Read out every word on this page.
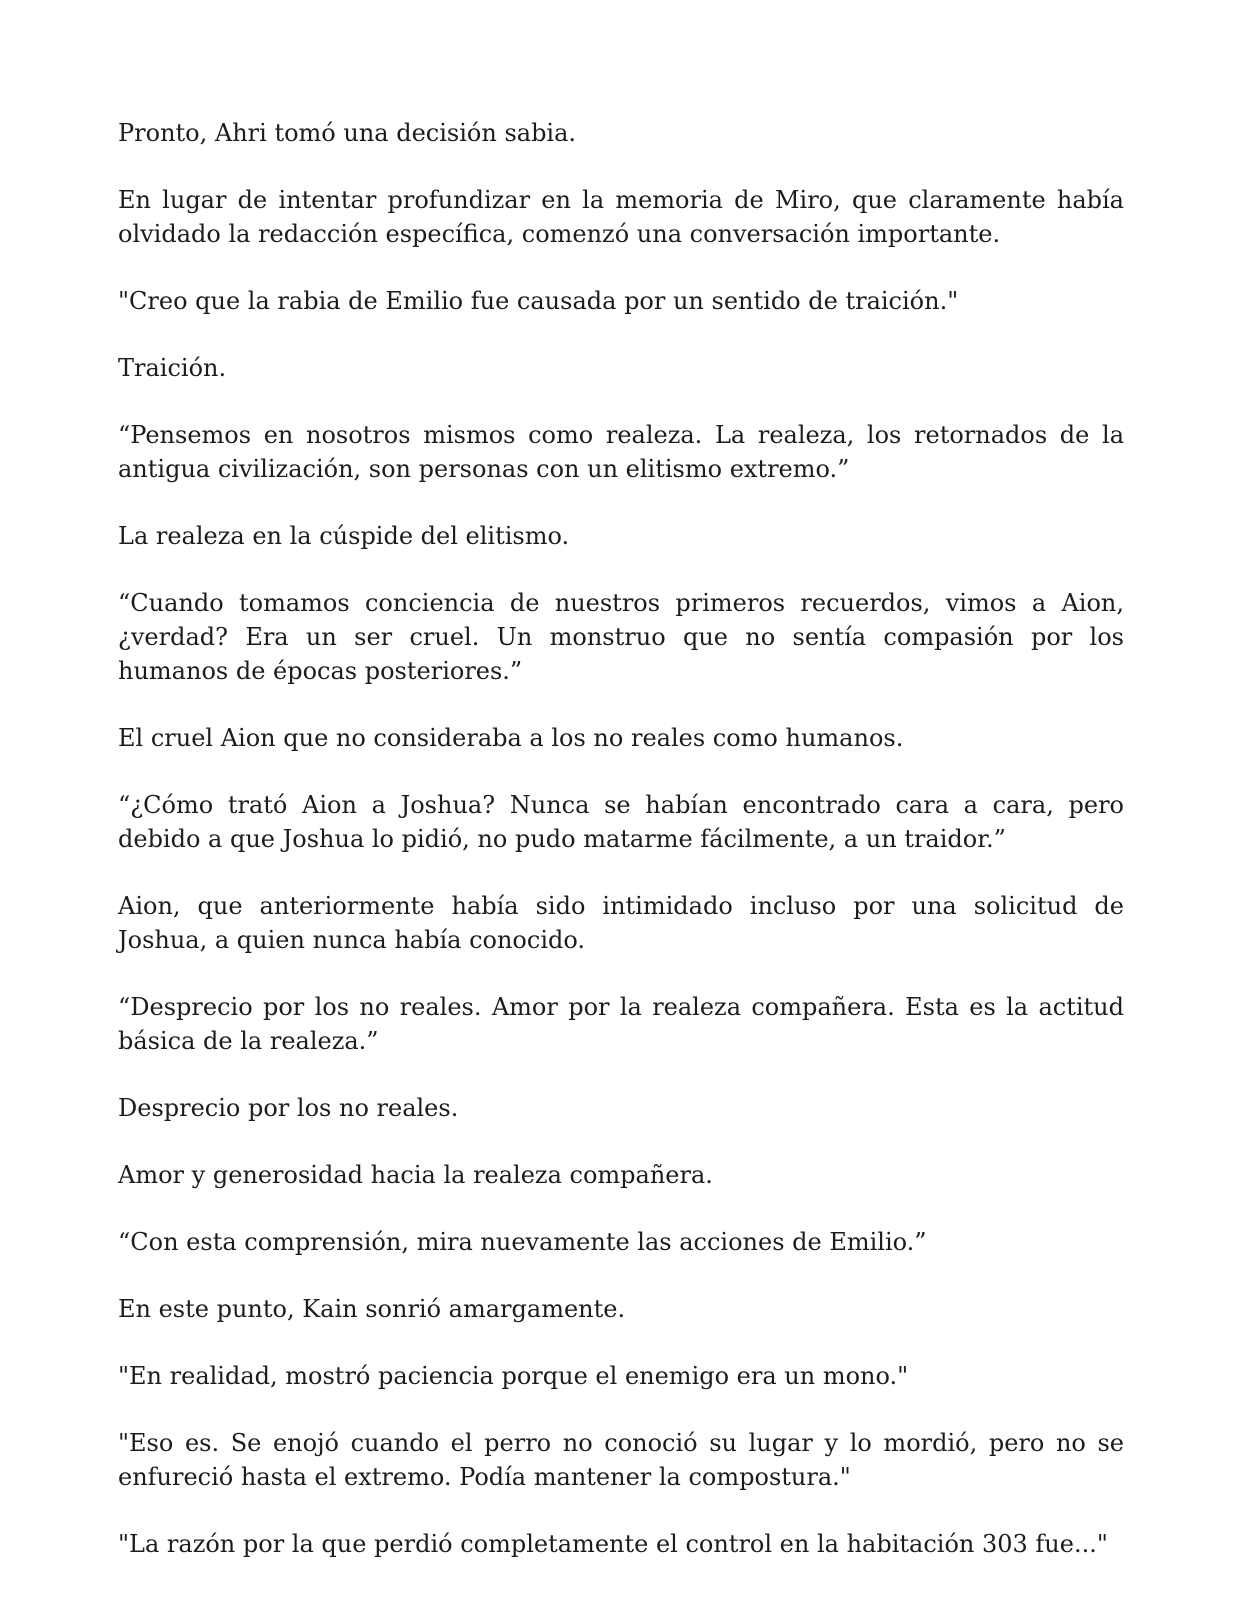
Pronto, Ahri tomó una decisión sabia.

En lugar de intentar profundizar en la memoria de Miro, que claramente había olvidado la redacción específica, comenzó una conversación importante.

"Creo que la rabia de Emilio fue causada por un sentido de traición."

Traición.

“Pensemos en nosotros mismos como realeza. La realeza, los retornados de la antigua civilización, son personas con un elitismo extremo.”

La realeza en la cúspide del elitismo.

“Cuando tomamos conciencia de nuestros primeros recuerdos, vimos a Aion, ¿verdad? Era un ser cruel. Un monstruo que no sentía compasión por los humanos de épocas posteriores.”

El cruel Aion que no consideraba a los no reales como humanos.

“¿Cómo trató Aion a Joshua? Nunca se habían encontrado cara a cara, pero debido a que Joshua lo pidió, no pudo matarme fácilmente, a un traidor.”

Aion, que anteriormente había sido intimidado incluso por una solicitud de Joshua, a quien nunca había conocido.

“Desprecio por los no reales. Amor por la realeza compañera. Esta es la actitud básica de la realeza.”

Desprecio por los no reales.

Amor y generosidad hacia la realeza compañera.

“Con esta comprensión, mira nuevamente las acciones de Emilio.”

En este punto, Kain sonrió amargamente.

"En realidad, mostró paciencia porque el enemigo era un mono."

"Eso es. Se enojó cuando el perro no conoció su lugar y lo mordió, pero no se enfureció hasta el extremo. Podía mantener la compostura."

"La razón por la que perdió completamente el control en la habitación 303 fue..."
